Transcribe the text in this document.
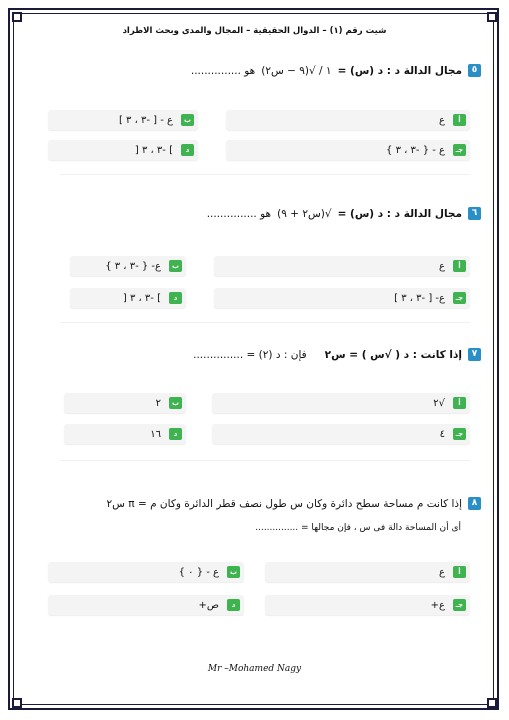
شيت رقم (١) – الدوال الحقيقية – المجال والمدى وبحث الاطراد
٥
مجال الدالة د : د (س) =
١ / √(٩ − س٢)
هو ...............
أ
ع
ب
ع - [ -٣ ، ٣ ]
جـ
ع - { -٣ ، ٣ }
د
] -٣ ، ٣ [
٦
مجال الدالة د : د (س) =
√(س٢ + ٩)
هو ...............
أ
ع
ب
ع- { -٣ ، ٣ }
جـ
ع- [ -٣ ، ٣ ]
د
] -٣ ، ٣ [
٧
إذا كانت : د ( √س ) = س٢
فإن : د (٢) = ...............
أ
√٢
ب
٢
جـ
٤
د
١٦
٨
إذا كانت م مساحة سطح دائرة وكان س طول نصف قطر الدائرة وكان م = π س٢
أى أن المساحة دالة فى س ، فإن مجالها = ...............
أ
ع
ب
ع - { ٠ }
جـ
ع+
د
ص+
Mr –Mohamed Nagy
